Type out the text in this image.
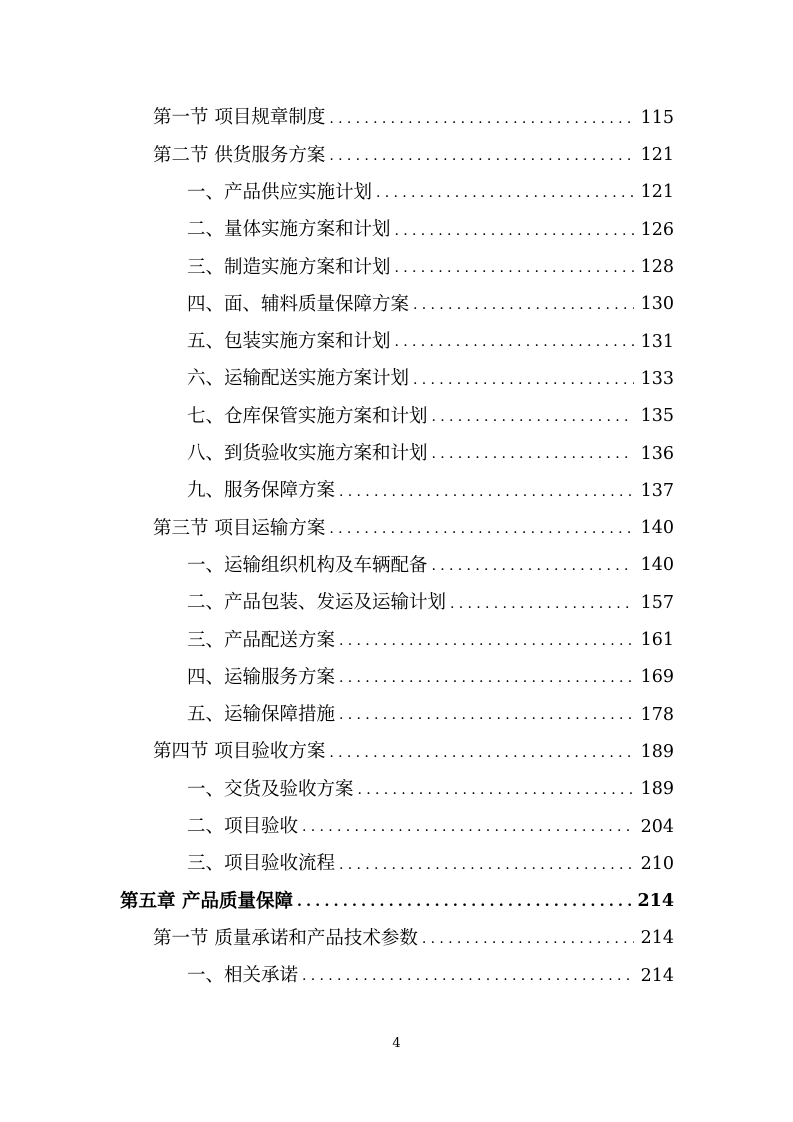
第一节 项目规章制度 .....	115
第二节 供货服务方案 .....	121
一、产品供应实施计划 .....	121
二、量体实施方案和计划 .....	126
三、制造实施方案和计划 .....	128
四、面、辅料质量保障方案 .....	130
五、包装实施方案和计划 .....	131
六、运输配送实施方案计划 .....	133
七、仓库保管实施方案和计划 .....	135
八、到货验收实施方案和计划 .....	136
九、服务保障方案 .....	137
第三节 项目运输方案 .....	140
一、运输组织机构及车辆配备 .....	140
二、产品包装、发运及运输计划 .....	157
三、产品配送方案 .....	161
四、运输服务方案 .....	169
五、运输保障措施 .....	178
第四节 项目验收方案 .....	189
一、交货及验收方案 .....	189
二、项目验收 .....	204
三、项目验收流程 .....	210
第五章 产品质量保障 .....	214
第一节 质量承诺和产品技术参数 .....	214
一、相关承诺 .....	214
4
